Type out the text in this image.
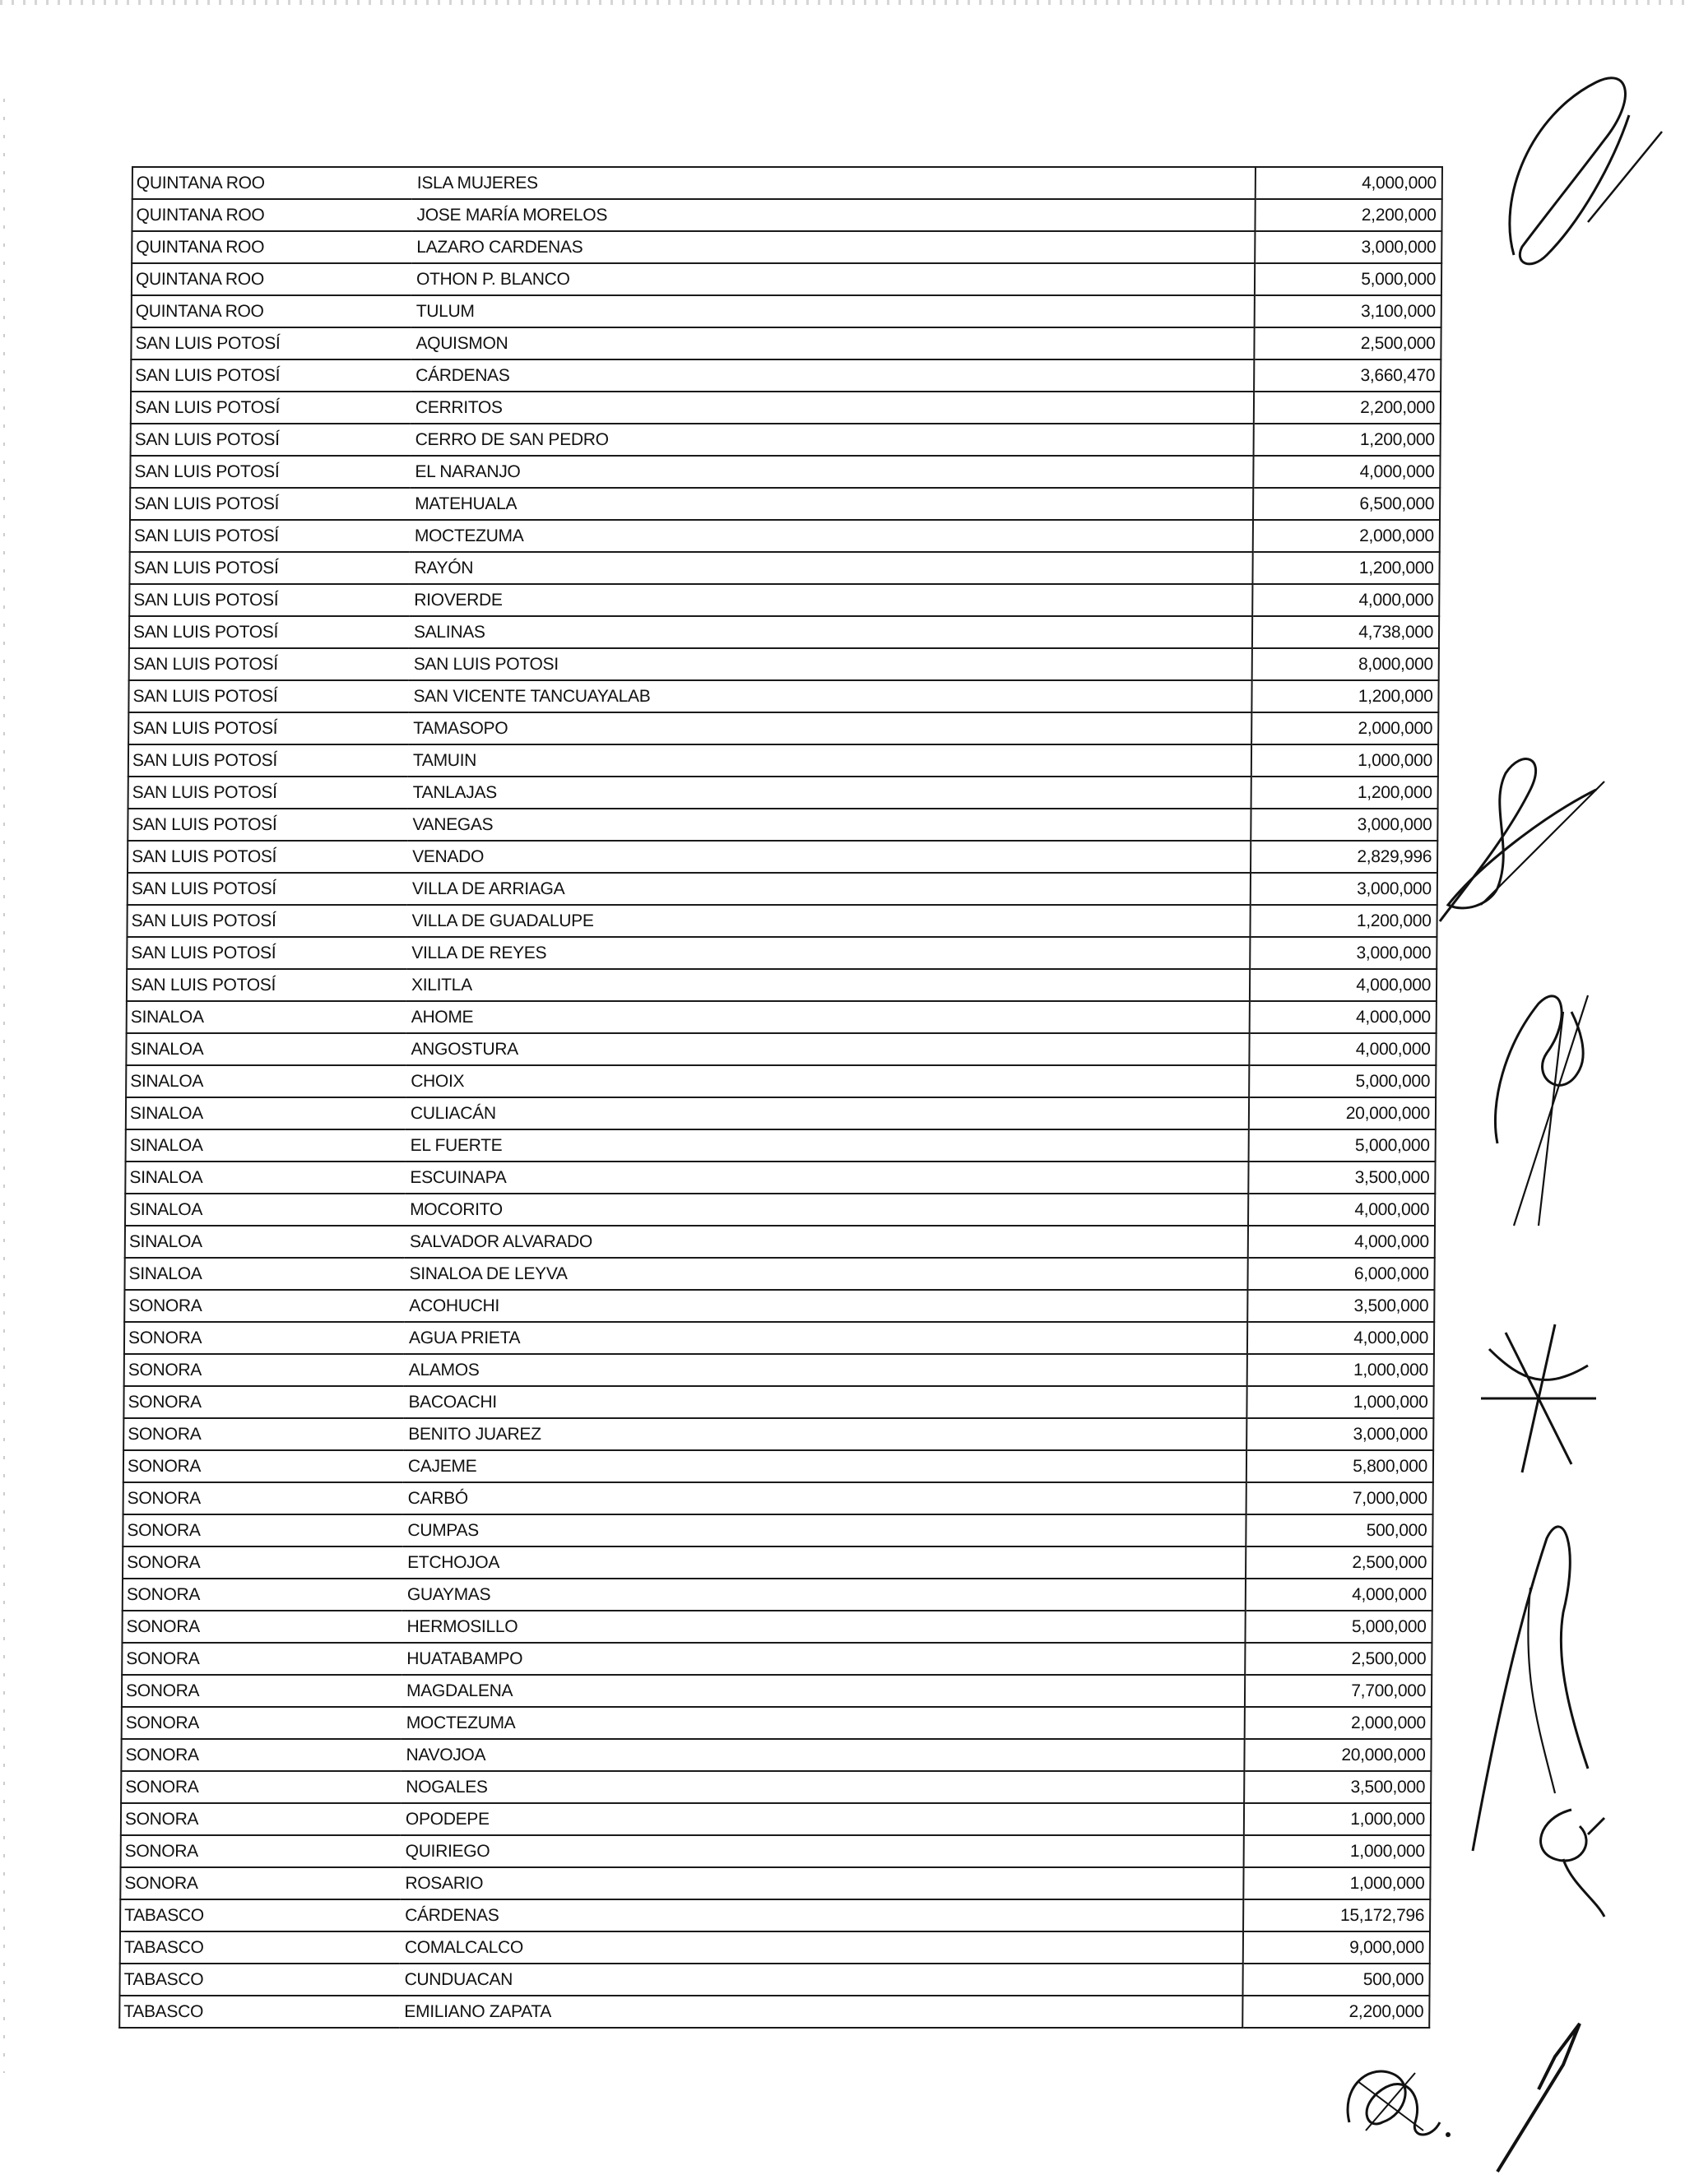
QUINTANA ROO	ISLA MUJERES	4,000,000
QUINTANA ROO	JOSE MARÍA MORELOS	2,200,000
QUINTANA ROO	LAZARO CARDENAS	3,000,000
QUINTANA ROO	OTHON P. BLANCO	5,000,000
QUINTANA ROO	TULUM	3,100,000
SAN LUIS POTOSÍ	AQUISMON	2,500,000
SAN LUIS POTOSÍ	CÁRDENAS	3,660,470
SAN LUIS POTOSÍ	CERRITOS	2,200,000
SAN LUIS POTOSÍ	CERRO DE SAN PEDRO	1,200,000
SAN LUIS POTOSÍ	EL NARANJO	4,000,000
SAN LUIS POTOSÍ	MATEHUALA	6,500,000
SAN LUIS POTOSÍ	MOCTEZUMA	2,000,000
SAN LUIS POTOSÍ	RAYÓN	1,200,000
SAN LUIS POTOSÍ	RIOVERDE	4,000,000
SAN LUIS POTOSÍ	SALINAS	4,738,000
SAN LUIS POTOSÍ	SAN LUIS POTOSI	8,000,000
SAN LUIS POTOSÍ	SAN VICENTE TANCUAYALAB	1,200,000
SAN LUIS POTOSÍ	TAMASOPO	2,000,000
SAN LUIS POTOSÍ	TAMUIN	1,000,000
SAN LUIS POTOSÍ	TANLAJAS	1,200,000
SAN LUIS POTOSÍ	VANEGAS	3,000,000
SAN LUIS POTOSÍ	VENADO	2,829,996
SAN LUIS POTOSÍ	VILLA DE ARRIAGA	3,000,000
SAN LUIS POTOSÍ	VILLA DE GUADALUPE	1,200,000
SAN LUIS POTOSÍ	VILLA DE REYES	3,000,000
SAN LUIS POTOSÍ	XILITLA	4,000,000
SINALOA	AHOME	4,000,000
SINALOA	ANGOSTURA	4,000,000
SINALOA	CHOIX	5,000,000
SINALOA	CULIACÁN	20,000,000
SINALOA	EL FUERTE	5,000,000
SINALOA	ESCUINAPA	3,500,000
SINALOA	MOCORITO	4,000,000
SINALOA	SALVADOR ALVARADO	4,000,000
SINALOA	SINALOA DE LEYVA	6,000,000
SONORA	ACOHUCHI	3,500,000
SONORA	AGUA PRIETA	4,000,000
SONORA	ALAMOS	1,000,000
SONORA	BACOACHI	1,000,000
SONORA	BENITO JUAREZ	3,000,000
SONORA	CAJEME	5,800,000
SONORA	CARBÓ	7,000,000
SONORA	CUMPAS	500,000
SONORA	ETCHOJOA	2,500,000
SONORA	GUAYMAS	4,000,000
SONORA	HERMOSILLO	5,000,000
SONORA	HUATABAMPO	2,500,000
SONORA	MAGDALENA	7,700,000
SONORA	MOCTEZUMA	2,000,000
SONORA	NAVOJOA	20,000,000
SONORA	NOGALES	3,500,000
SONORA	OPODEPE	1,000,000
SONORA	QUIRIEGO	1,000,000
SONORA	ROSARIO	1,000,000
TABASCO	CÁRDENAS	15,172,796
TABASCO	COMALCALCO	9,000,000
TABASCO	CUNDUACAN	500,000
TABASCO	EMILIANO ZAPATA	2,200,000
